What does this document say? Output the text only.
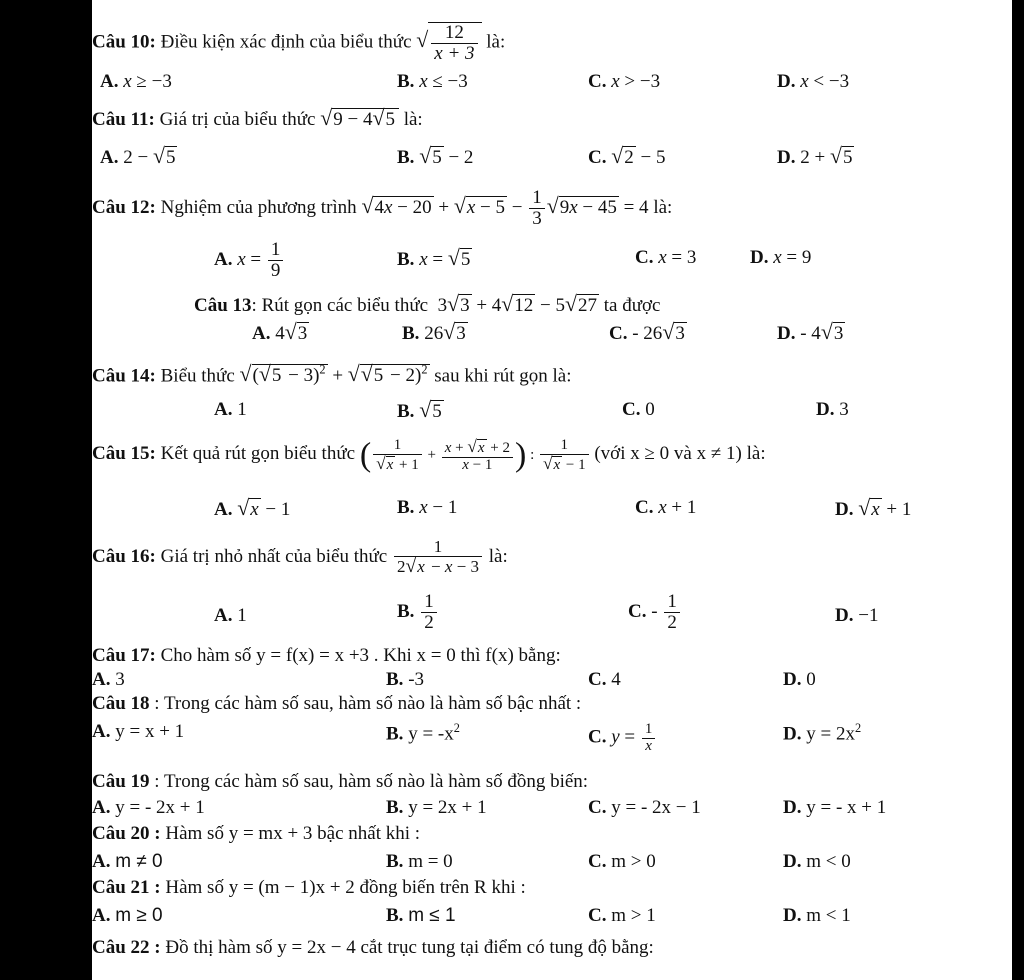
Câu 10: Điều kiện xác định của biểu thức √ $\frac{12}{x + 3}$ là:
A. x ≥ −3	B. x ≤ −3	C. x > −3	D. x < −3
Câu 11: Giá trị của biểu thức √9 − 4√5 là:
A. 2 − √5	B. √5 − 2	C. √2 − 5	D. 2 + √5
Câu 12: Nghiệm của phương trình $√4x - 20 + √x - 5 - \frac{1}{3} √9x - 45 = 4$ là:
A. $x = \frac{1}{9}$	B. x = √5	C. x = 3	D. x = 9
Câu 13: Rút gọn các biểu thức  3√3 + 4√12 − 5√27 ta được
A. 4√3	B. 26√3	C. - 26√3	D. - 4√3
Câu 14: Biểu thức $√(√5 - 3)^2 + √√5 - 2)^2$ sau khi rút gọn là:
A. 1	B. √5	C. 0	D. 3
Câu 15: Kết quả rút gọn biểu thức ( $\frac{1}{√x + 1} + \frac{x + √x + 2}{x - 1}$ ) : $\frac{1}{√x - 1}$ (với x ≥ 0 và x ≠ 1) là:
A. √x − 1	B. x − 1	C. x + 1	D. √x + 1
Câu 16: Giá trị nhỏ nhất của biểu thức $\frac{1}{2√x - x - 3}$ là:
A. 1	B. $\frac{1}{2}$	C. - $\frac{1}{2}$	D. −1
Câu 17: Cho hàm số y = f(x) = x +3 . Khi x = 0 thì f(x) bằng:
A. 3	B. -3	C. 4	D. 0
Câu 18 : Trong các hàm số sau, hàm số nào là hàm số bậc nhất :
A. y = x + 1	B. $y = -x^2$	C. $y = \frac{1}{x}$	D. $y = 2x^2$
Câu 19 : Trong các hàm số sau, hàm số nào là hàm số đồng biến:
A. y = - 2x + 1	B. y = 2x + 1	C. y = - 2x − 1	D. y = - x + 1
Câu 20 : Hàm số y = mx + 3 bậc nhất khi :
A. m ≠ 0	B. m = 0	C. m > 0	D. m < 0
Câu 21 : Hàm số y = (m − 1)x + 2 đồng biến trên R khi :
A. m ≥ 0	B. m ≤ 1	C. m > 1	D. m < 1
Câu 22 : Đồ thị hàm số y = 2x − 4 cắt trục tung tại điểm có tung độ bằng:
